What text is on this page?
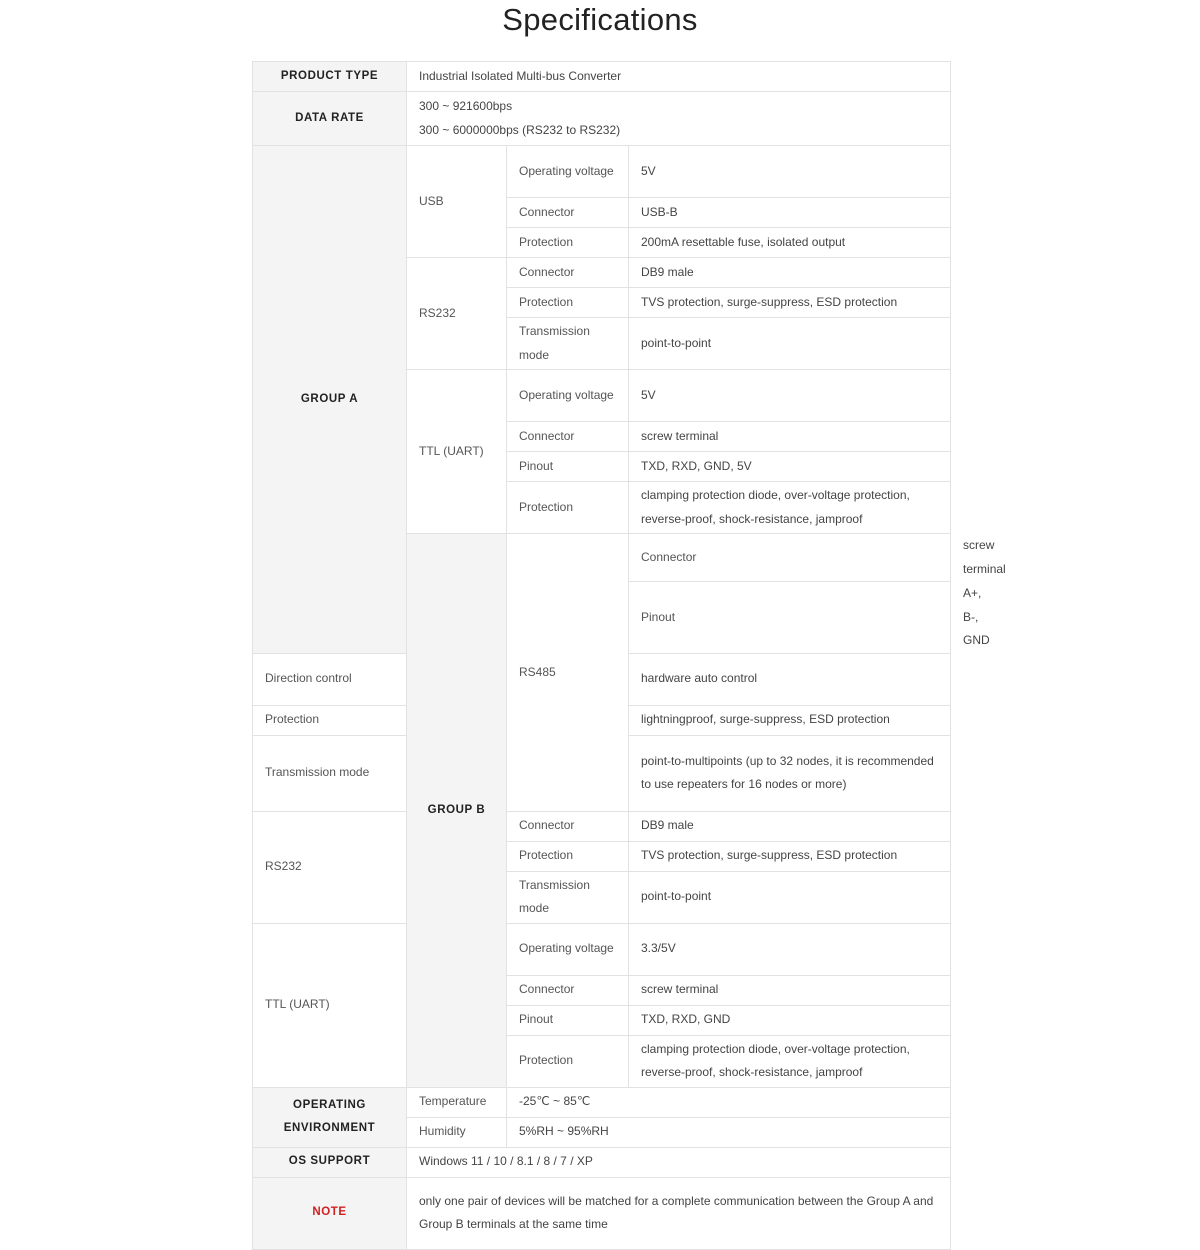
Specifications
PRODUCT TYPE	Industrial Isolated Multi-bus Converter			
DATA RATE	300 ~ 921600bps
300 ~ 6000000bps (RS232 to RS232)			

GROUP A	USB	Operating voltage	5V	
		Connector	USB-B	
		Protection	200mA resettable fuse, isolated output	
	RS232	Connector	DB9 male	
		Protection	TVS protection, surge-suppress, ESD protection	
		Transmission mode	point-to-point	
	TTL (UART)	Operating voltage	5V	
		Connector	screw terminal	
		Pinout	TXD, RXD, GND, 5V	
		Protection	clamping protection diode, over-voltage protection, reverse-proof, shock-resistance, jamproof	
	GROUP B	RS485	Connector	screw terminal
			Pinout	A+, B-, GND
Direction control			hardware auto control	
Protection			lightningproof, surge-suppress, ESD protection	
Transmission mode			point-to-multipoints (up to 32 nodes, it is recommended to use repeaters for 16 nodes or more)	
RS232		Connector	DB9 male	
		Protection	TVS protection, surge-suppress, ESD protection	
		Transmission mode	point-to-point	
TTL (UART)		Operating voltage	3.3/5V	
		Connector	screw terminal	
		Pinout	TXD, RXD, GND	
		Protection	clamping protection diode, over-voltage protection, reverse-proof, shock-resistance, jamproof	
OPERATING ENVIRONMENT	Temperature	-25℃ ~ 85℃		
	Humidity	5%RH ~ 95%RH		
OS SUPPORT	Windows 11 / 10 / 8.1 / 8 / 7 / XP			
NOTE	only one pair of devices will be matched for a complete communication between the Group A and Group B terminals at the same time			
